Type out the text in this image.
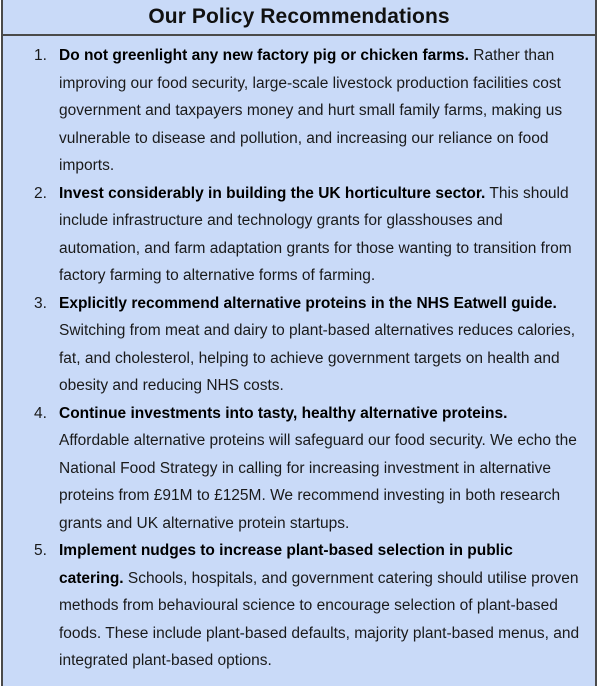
Our Policy Recommendations
1. Do not greenlight any new factory pig or chicken farms. Rather than improving our food security, large-scale livestock production facilities cost government and taxpayers money and hurt small family farms, making us vulnerable to disease and pollution, and increasing our reliance on food imports.
2. Invest considerably in building the UK horticulture sector. This should include infrastructure and technology grants for glasshouses and automation, and farm adaptation grants for those wanting to transition from factory farming to alternative forms of farming.
3. Explicitly recommend alternative proteins in the NHS Eatwell guide. Switching from meat and dairy to plant-based alternatives reduces calories, fat, and cholesterol, helping to achieve government targets on health and obesity and reducing NHS costs.
4. Continue investments into tasty, healthy alternative proteins. Affordable alternative proteins will safeguard our food security. We echo the National Food Strategy in calling for increasing investment in alternative proteins from £91M to £125M. We recommend investing in both research grants and UK alternative protein startups.
5. Implement nudges to increase plant-based selection in public catering. Schools, hospitals, and government catering should utilise proven methods from behavioural science to encourage selection of plant-based foods. These include plant-based defaults, majority plant-based menus, and integrated plant-based options.
